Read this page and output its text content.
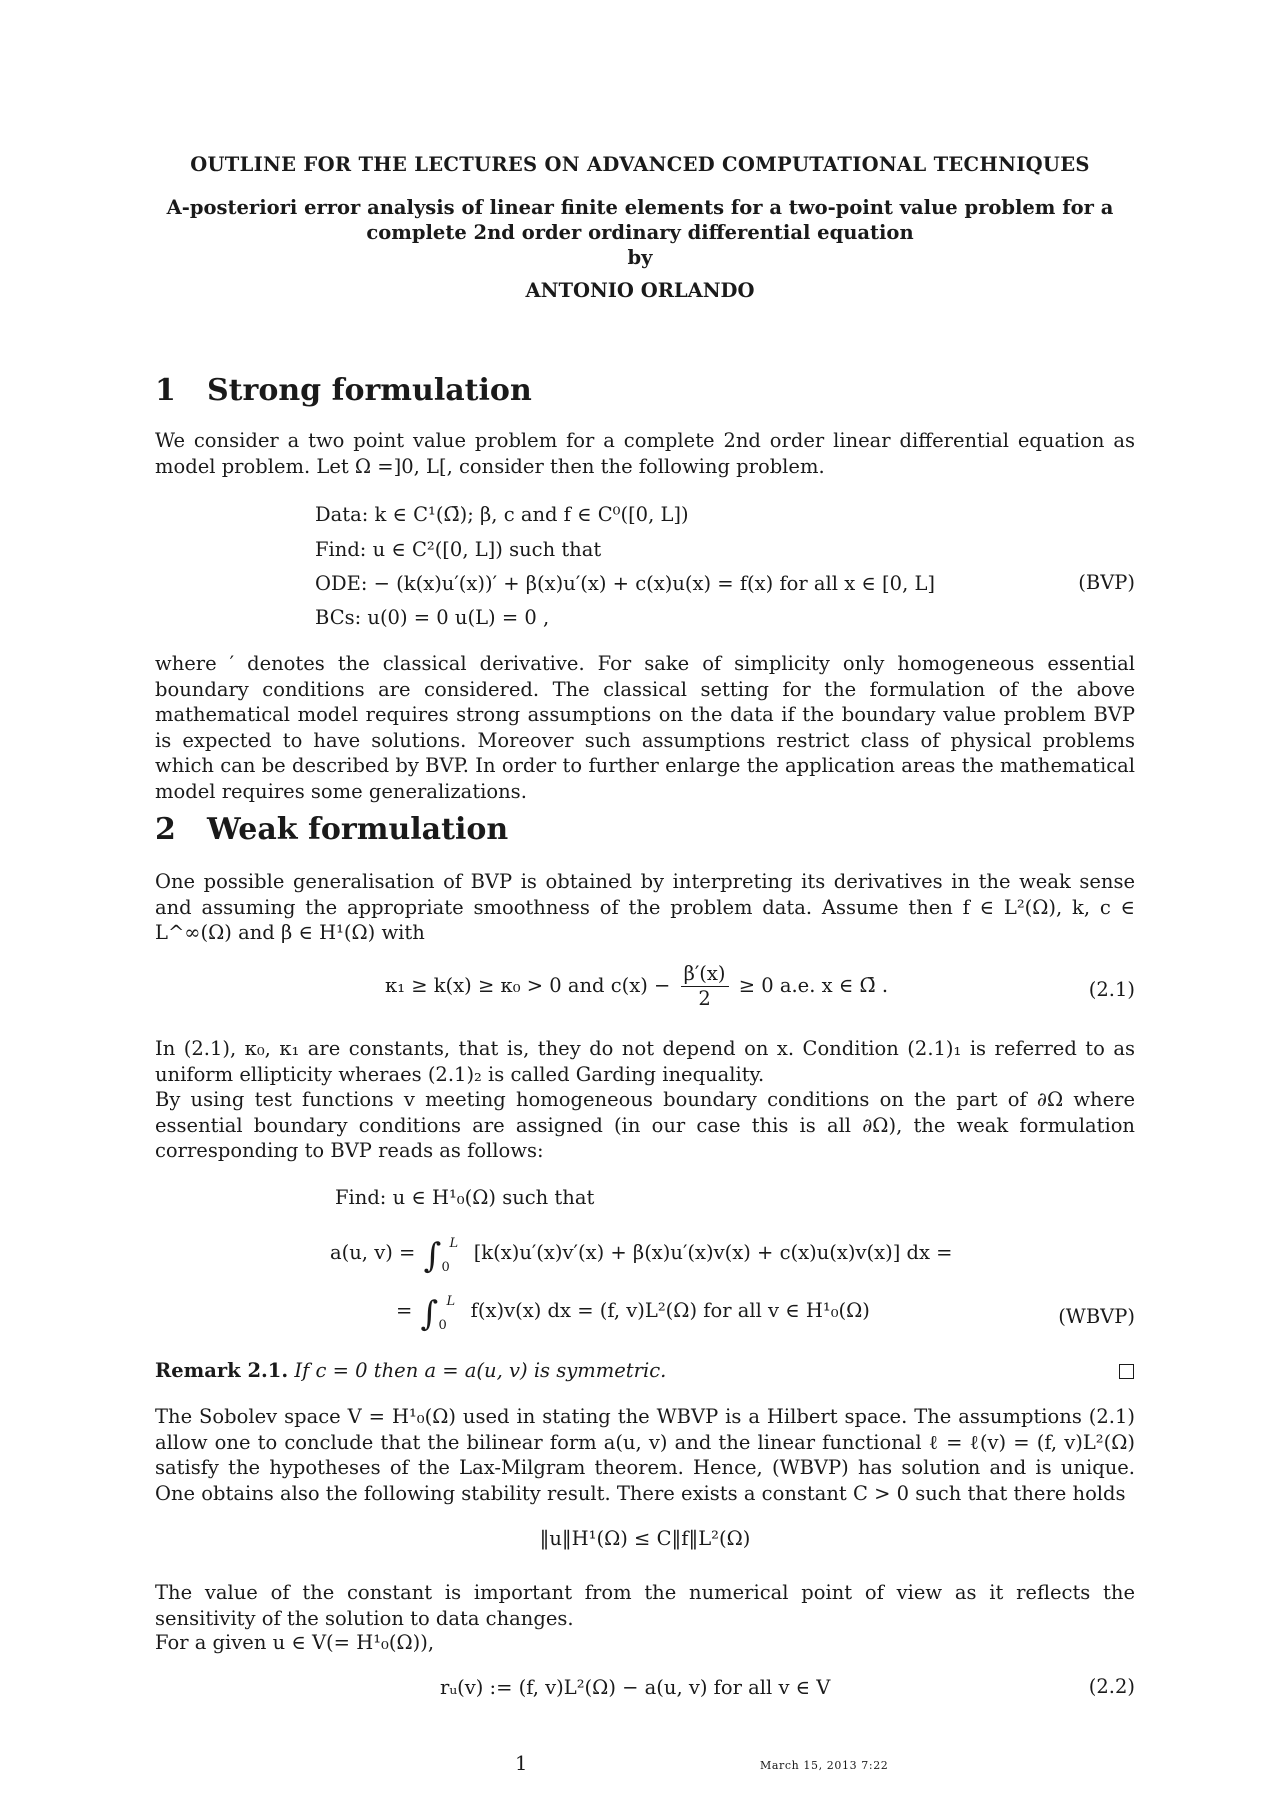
OUTLINE FOR THE LECTURES ON ADVANCED COMPUTATIONAL TECHNIQUES
A-posteriori error analysis of linear finite elements for a two-point value problem for a
complete 2nd order ordinary differential equation
by
ANTONIO ORLANDO
1 Strong formulation
We consider a two point value problem for a complete 2nd order linear differential equation as model problem. Let Ω =]0, L[, consider then the following problem.
Data: k ∈ C¹(Ω̄); β, c and f ∈ C⁰([0, L])
Find: u ∈ C²([0, L]) such that
ODE: − (k(x)u′(x))′ + β(x)u′(x) + c(x)u(x) = f(x) for all x ∈ [0, L]	(BVP)
BCs: u(0) = 0 u(L) = 0 ,
where ′ denotes the classical derivative. For sake of simplicity only homogeneous essential boundary conditions are considered. The classical setting for the formulation of the above mathematical model requires strong assumptions on the data if the boundary value problem BVP is expected to have solutions. Moreover such assumptions restrict class of physical problems which can be described by BVP. In order to further enlarge the application areas the mathematical model requires some generalizations.
2 Weak formulation
One possible generalisation of BVP is obtained by interpreting its derivatives in the weak sense and assuming the appropriate smoothness of the problem data. Assume then f ∈ L²(Ω), k, c ∈ L^∞(Ω) and β ∈ H¹(Ω) with
κ₁ ≥ k(x) ≥ κ₀ > 0 and $c(x) - \frac{\beta'(x)}{2} \ge 0$ a.e. x ∈ Ω̄ .	(2.1)
In (2.1), κ₀, κ₁ are constants, that is, they do not depend on x. Condition (2.1)₁ is referred to as uniform ellipticity wheraes (2.1)₂ is called Garding inequality.
By using test functions v meeting homogeneous boundary conditions on the part of ∂Ω where essential boundary conditions are assigned (in our case this is all ∂Ω), the weak formulation corresponding to BVP reads as follows:
Find: u ∈ H¹₀(Ω) such that
a(u, v) = ∫ L
0
[k(x)u′(x)v′(x) + β(x)u′(x)v(x) + c(x)u(x)v(x)] dx =
= ∫ L
0
f(x)v(x) dx = (f, v)L²(Ω) for all v ∈ H¹₀(Ω)	(WBVP)
Remark 2.1. If c = 0 then a = a(u, v) is symmetric.
The Sobolev space V = H¹₀(Ω) used in stating the WBVP is a Hilbert space. The assumptions (2.1) allow one to conclude that the bilinear form a(u, v) and the linear functional ℓ = ℓ(v) = (f, v)L²(Ω) satisfy the hypotheses of the Lax-Milgram theorem. Hence, (WBVP) has solution and is unique. One obtains also the following stability result. There exists a constant C > 0 such that there holds
‖u‖H¹(Ω) ≤ C‖f‖L²(Ω)
The value of the constant is important from the numerical point of view as it reflects the sensitivity of the solution to data changes.
For a given u ∈ V(= H¹₀(Ω)),
rᵤ(v) := (f, v)L²(Ω) − a(u, v) for all v ∈ V	(2.2)
1	March 15, 2013 7:22
